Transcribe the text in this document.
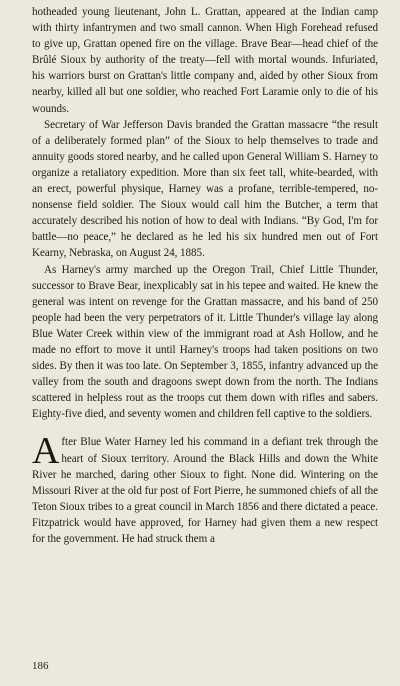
hotheaded young lieutenant, John L. Grattan, appeared at the Indian camp with thirty infantrymen and two small cannon. When High Forehead refused to give up, Grattan opened fire on the village. Brave Bear—head chief of the Brûlé Sioux by authority of the treaty—fell with mortal wounds. Infuriated, his warriors burst on Grattan's little company and, aided by other Sioux from nearby, killed all but one soldier, who reached Fort Laramie only to die of his wounds.

Secretary of War Jefferson Davis branded the Grattan massacre “the result of a deliberately formed plan” of the Sioux to help themselves to trade and annuity goods stored nearby, and he called upon General William S. Harney to organize a retaliatory expedition. More than six feet tall, white-bearded, with an erect, powerful physique, Harney was a profane, terrible-tempered, no-nonsense field soldier. The Sioux would call him the Butcher, a term that accurately described his notion of how to deal with Indians. “By God, I'm for battle—no peace,” he declared as he led his six hundred men out of Fort Kearny, Nebraska, on August 24, 1885.

As Harney's army marched up the Oregon Trail, Chief Little Thunder, successor to Brave Bear, inexplicably sat in his tepee and waited. He knew the general was intent on revenge for the Grattan massacre, and his band of 250 people had been the very perpetrators of it. Little Thunder's village lay along Blue Water Creek within view of the immigrant road at Ash Hollow, and he made no effort to move it until Harney's troops had taken positions on two sides. By then it was too late. On September 3, 1855, infantry advanced up the valley from the south and dragoons swept down from the north. The Indians scattered in helpless rout as the troops cut them down with rifles and sabers. Eighty-five died, and seventy women and children fell captive to the soldiers.

After Blue Water Harney led his command in a defiant trek through the heart of Sioux territory. Around the Black Hills and down the White River he marched, daring other Sioux to fight. None did. Wintering on the Missouri River at the old fur post of Fort Pierre, he summoned chiefs of all the Teton Sioux tribes to a great council in March 1856 and there dictated a peace. Fitzpatrick would have approved, for Harney had given them a new respect for the government. He had struck them a

186
